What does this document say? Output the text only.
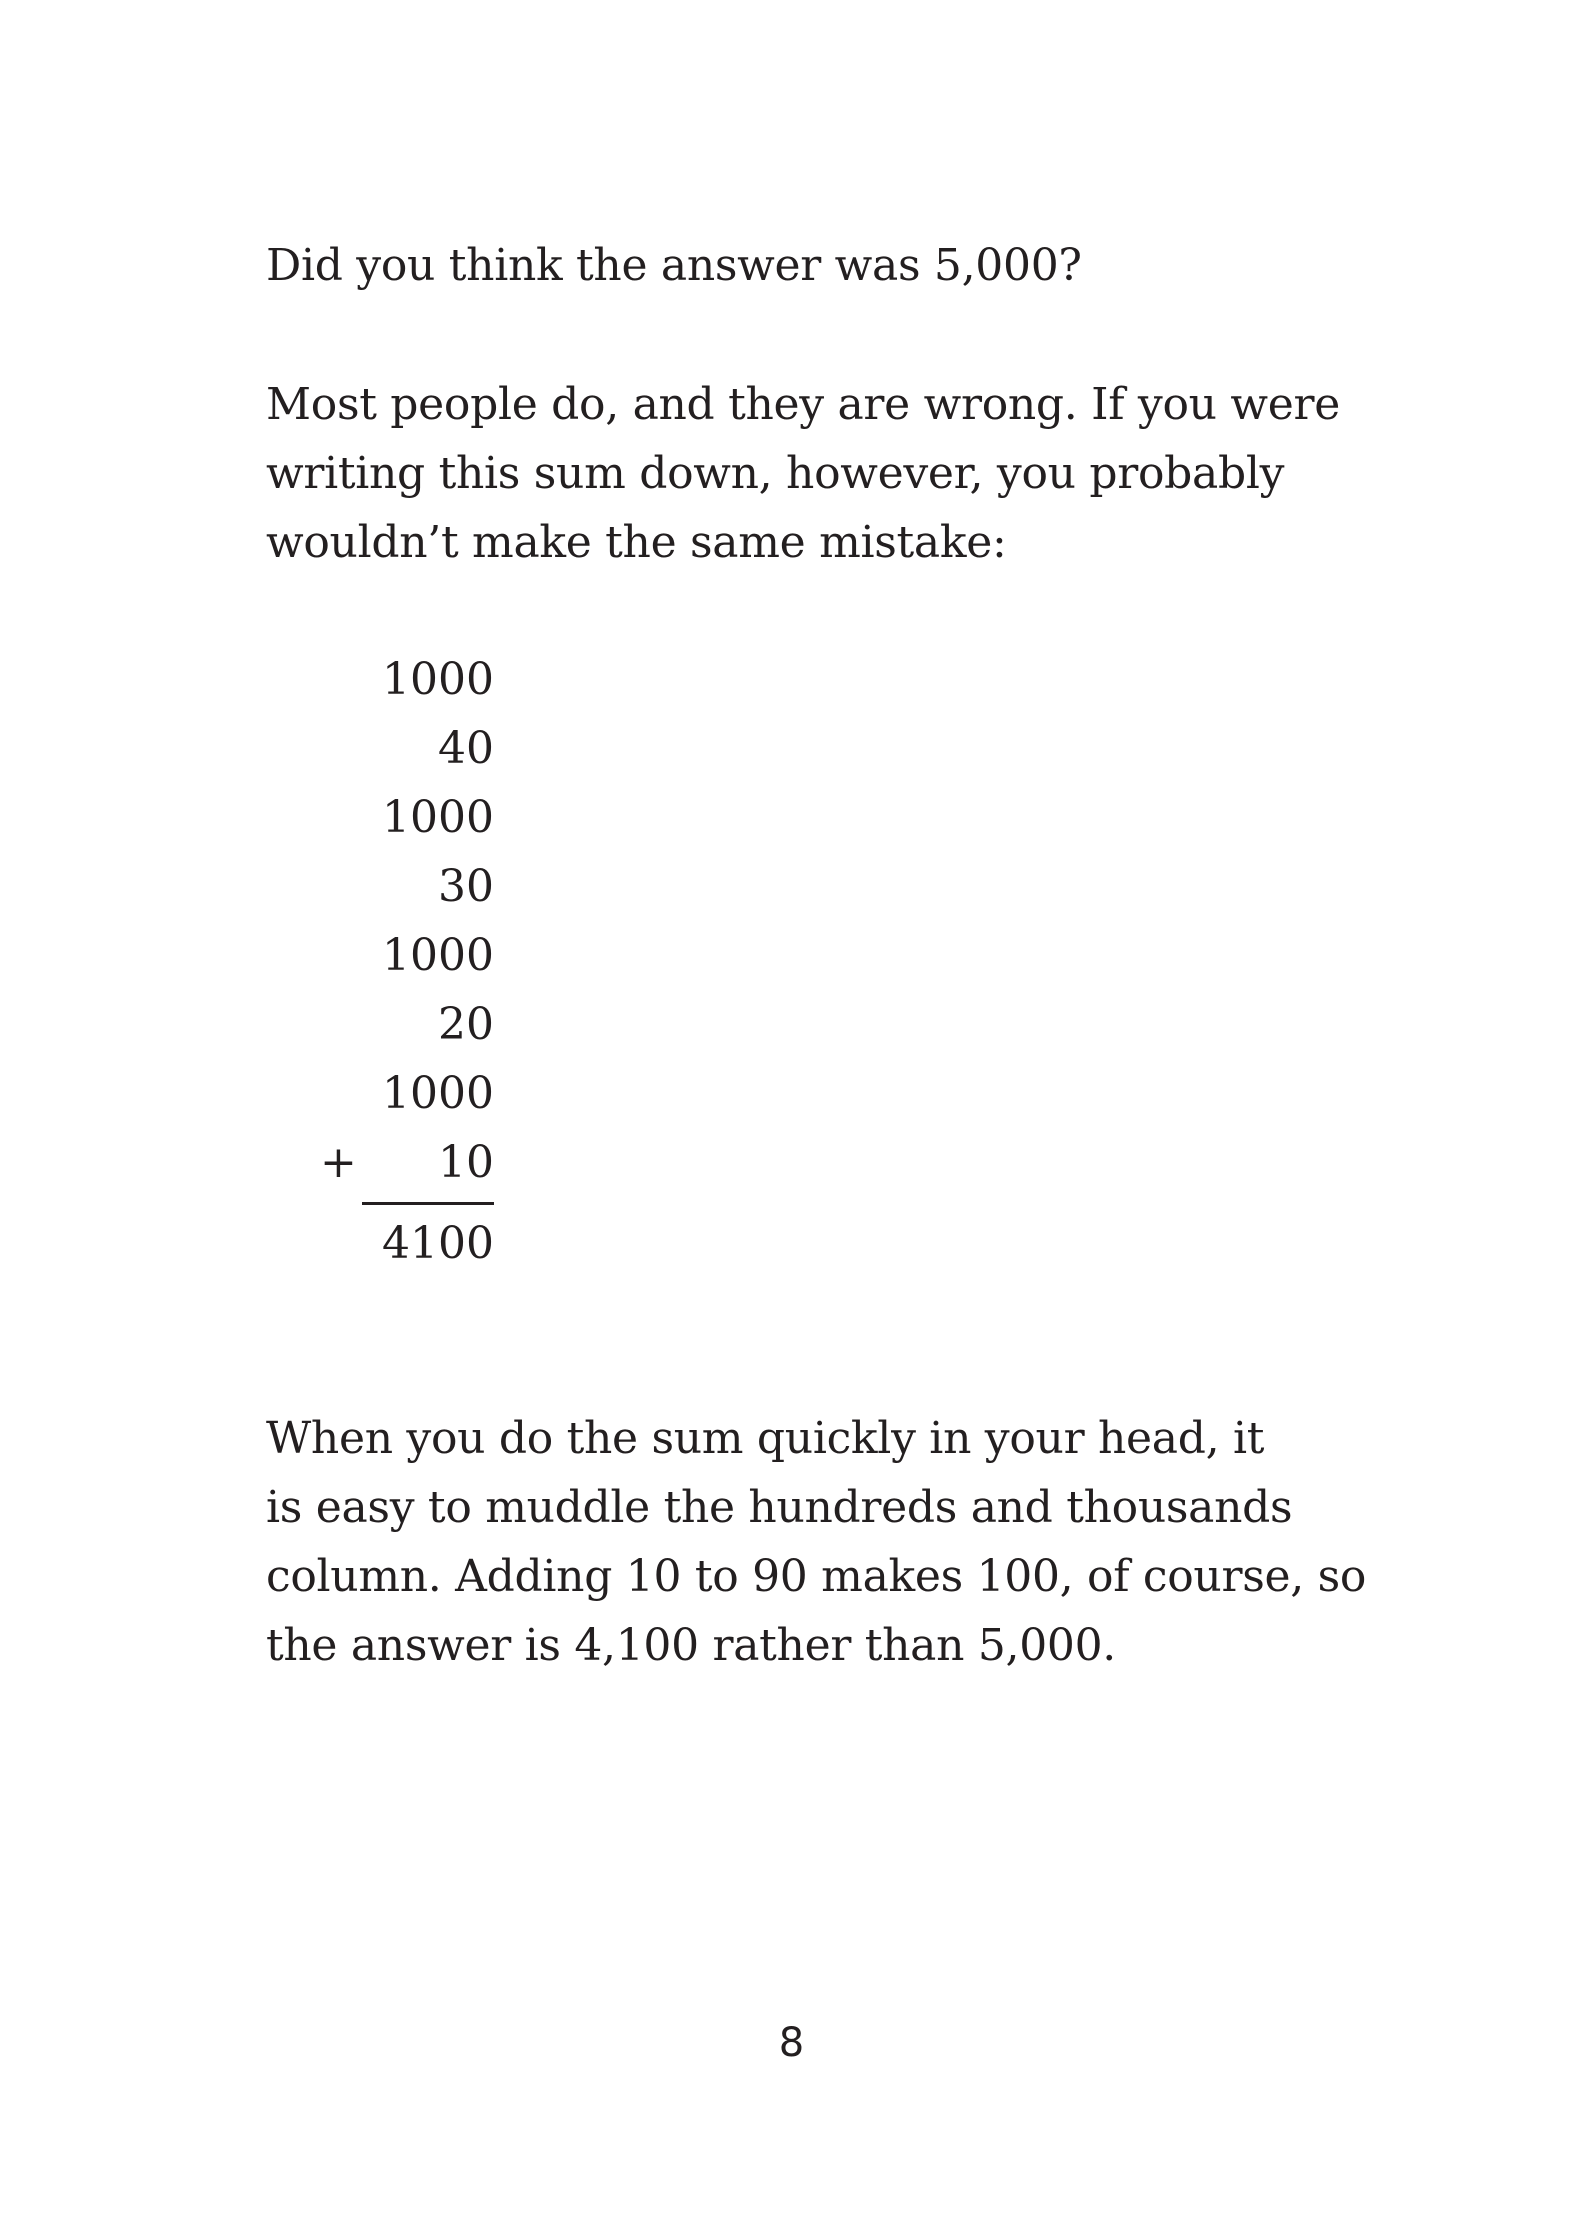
Did you think the answer was 5,000?

Most people do, and they are wrong. If you were
writing this sum down, however, you probably
wouldn’t make the same mistake:

1000
40
1000
30
1000
20
1000
+ 10
4100

When you do the sum quickly in your head, it
is easy to muddle the hundreds and thousands
column. Adding 10 to 90 makes 100, of course, so
the answer is 4,100 rather than 5,000.

8
